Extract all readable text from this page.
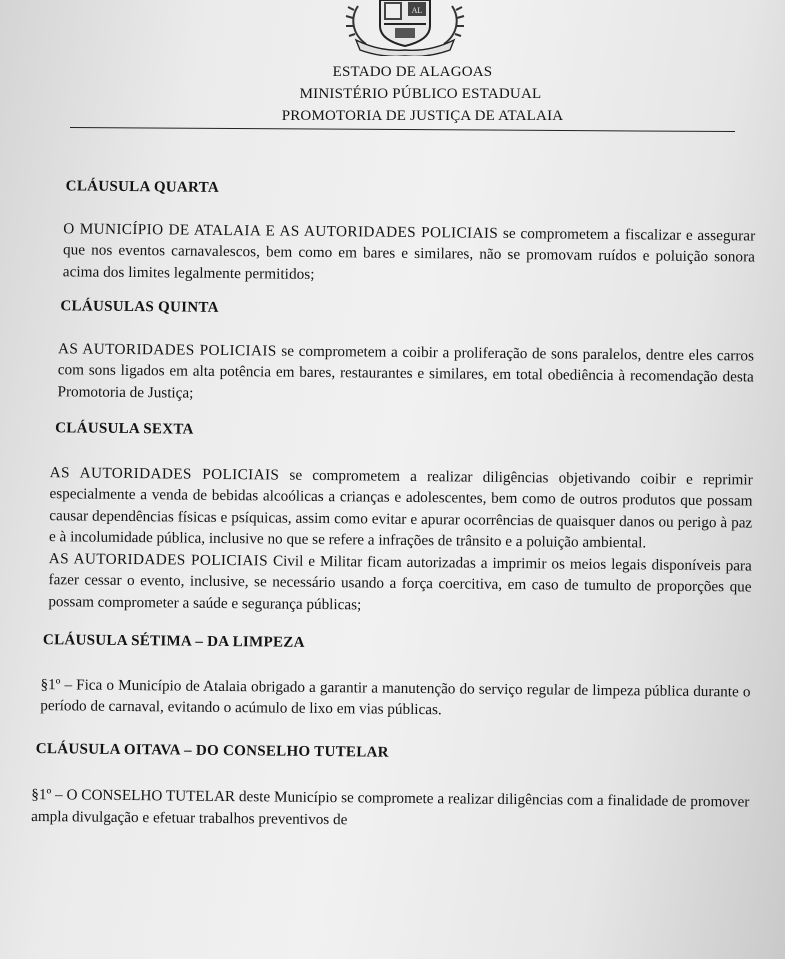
AL
ESTADO DE ALAGOAS
MINISTÉRIO PÚBLICO ESTADUAL
PROMOTORIA DE JUSTIÇA DE ATALAIA
CLÁUSULA QUARTA

O MUNICÍPIO DE ATALAIA E AS AUTORIDADES POLICIAIS se comprometem a fiscalizar e assegurar que nos eventos carnavalescos, bem como em bares e similares, não se promovam ruídos e poluição sonora acima dos limites legalmente permitidos;

CLÁUSULAS QUINTA

AS AUTORIDADES POLICIAIS se comprometem a coibir a proliferação de sons paralelos, dentre eles carros com sons ligados em alta potência em bares, restaurantes e similares, em total obediência à recomendação desta Promotoria de Justiça;

CLÁUSULA SEXTA

AS AUTORIDADES POLICIAIS se comprometem a realizar diligências objetivando coibir e reprimir especialmente a venda de bebidas alcoólicas a crianças e adolescentes, bem como de outros produtos que possam causar dependências físicas e psíquicas, assim como evitar e apurar ocorrências de quaisquer danos ou perigo à paz e à incolumidade pública, inclusive no que se refere a infrações de trânsito e a poluição ambiental.

AS AUTORIDADES POLICIAIS Civil e Militar ficam autorizadas a imprimir os meios legais disponíveis para fazer cessar o evento, inclusive, se necessário usando a força coercitiva, em caso de tumulto de proporções que possam comprometer a saúde e segurança públicas;

CLÁUSULA SÉTIMA – DA LIMPEZA

§1º – Fica o Município de Atalaia obrigado a garantir a manutenção do serviço regular de limpeza pública durante o período de carnaval, evitando o acúmulo de lixo em vias públicas.

CLÁUSULA OITAVA – DO CONSELHO TUTELAR

§1º – O CONSELHO TUTELAR deste Município se compromete a realizar diligências com a finalidade de promover ampla divulgação e efetuar trabalhos preventivos de
